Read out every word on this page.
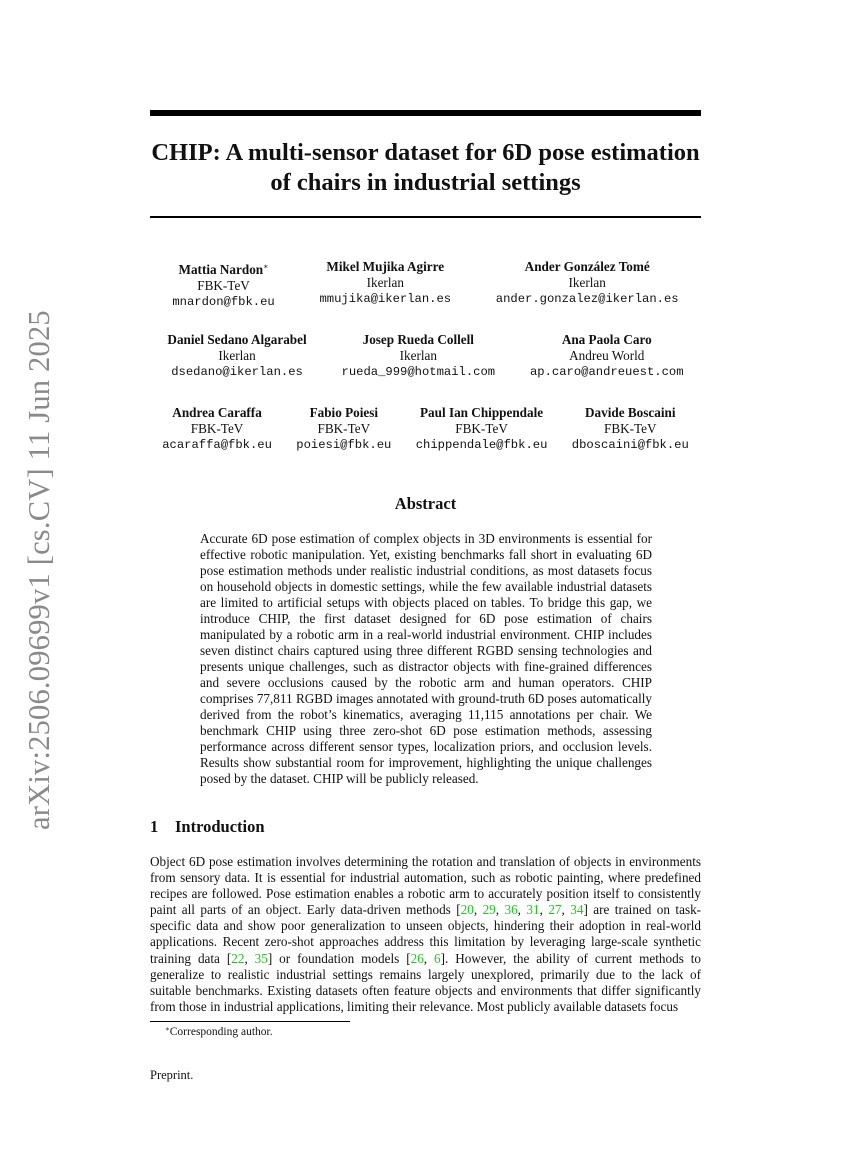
arXiv:2506.09699v1 [cs.CV] 11 Jun 2025
CHIP: A multi-sensor dataset for 6D pose estimation of chairs in industrial settings
Mattia Nardon∗
FBK-TeV
mnardon@fbk.eu
Mikel Mujika Agirre
Ikerlan
mmujika@ikerlan.es
Ander González Tomé
Ikerlan
ander.gonzalez@ikerlan.es
Daniel Sedano Algarabel
Ikerlan
dsedano@ikerlan.es
Josep Rueda Collell
Ikerlan
rueda_999@hotmail.com
Ana Paola Caro
Andreu World
ap.caro@andreuest.com
Andrea Caraffa
FBK-TeV
acaraffa@fbk.eu
Fabio Poiesi
FBK-TeV
poiesi@fbk.eu
Paul Ian Chippendale
FBK-TeV
chippendale@fbk.eu
Davide Boscaini
FBK-TeV
dboscaini@fbk.eu
Abstract

Accurate 6D pose estimation of complex objects in 3D environments is essential for effective robotic manipulation. Yet, existing benchmarks fall short in evaluating 6D pose estimation methods under realistic industrial conditions, as most datasets focus on household objects in domestic settings, while the few available industrial datasets are limited to artificial setups with objects placed on tables. To bridge this gap, we introduce CHIP, the first dataset designed for 6D pose estimation of chairs manipulated by a robotic arm in a real-world industrial environment. CHIP includes seven distinct chairs captured using three different RGBD sensing technologies and presents unique challenges, such as distractor objects with fine-grained differences and severe occlusions caused by the robotic arm and human operators. CHIP comprises 77,811 RGBD images annotated with ground-truth 6D poses automatically derived from the robot’s kinematics, averaging 11,115 annotations per chair. We benchmark CHIP using three zero-shot 6D pose estimation methods, assessing performance across different sensor types, localization priors, and occlusion levels. Results show substantial room for improvement, highlighting the unique challenges posed by the dataset. CHIP will be publicly released.

1 Introduction

Object 6D pose estimation involves determining the rotation and translation of objects in environments from sensory data. It is essential for industrial automation, such as robotic painting, where predefined recipes are followed. Pose estimation enables a robotic arm to accurately position itself to consistently paint all parts of an object. Early data-driven methods [20, 29, 36, 31, 27, 34] are trained on task-specific data and show poor generalization to unseen objects, hindering their adoption in real-world applications. Recent zero-shot approaches address this limitation by leveraging large-scale synthetic training data [22, 35] or foundation models [26, 6]. However, the ability of current methods to generalize to realistic industrial settings remains largely unexplored, primarily due to the lack of suitable benchmarks. Existing datasets often feature objects and environments that differ significantly from those in industrial applications, limiting their relevance. Most publicly available datasets focus

∗Corresponding author.

Preprint.
